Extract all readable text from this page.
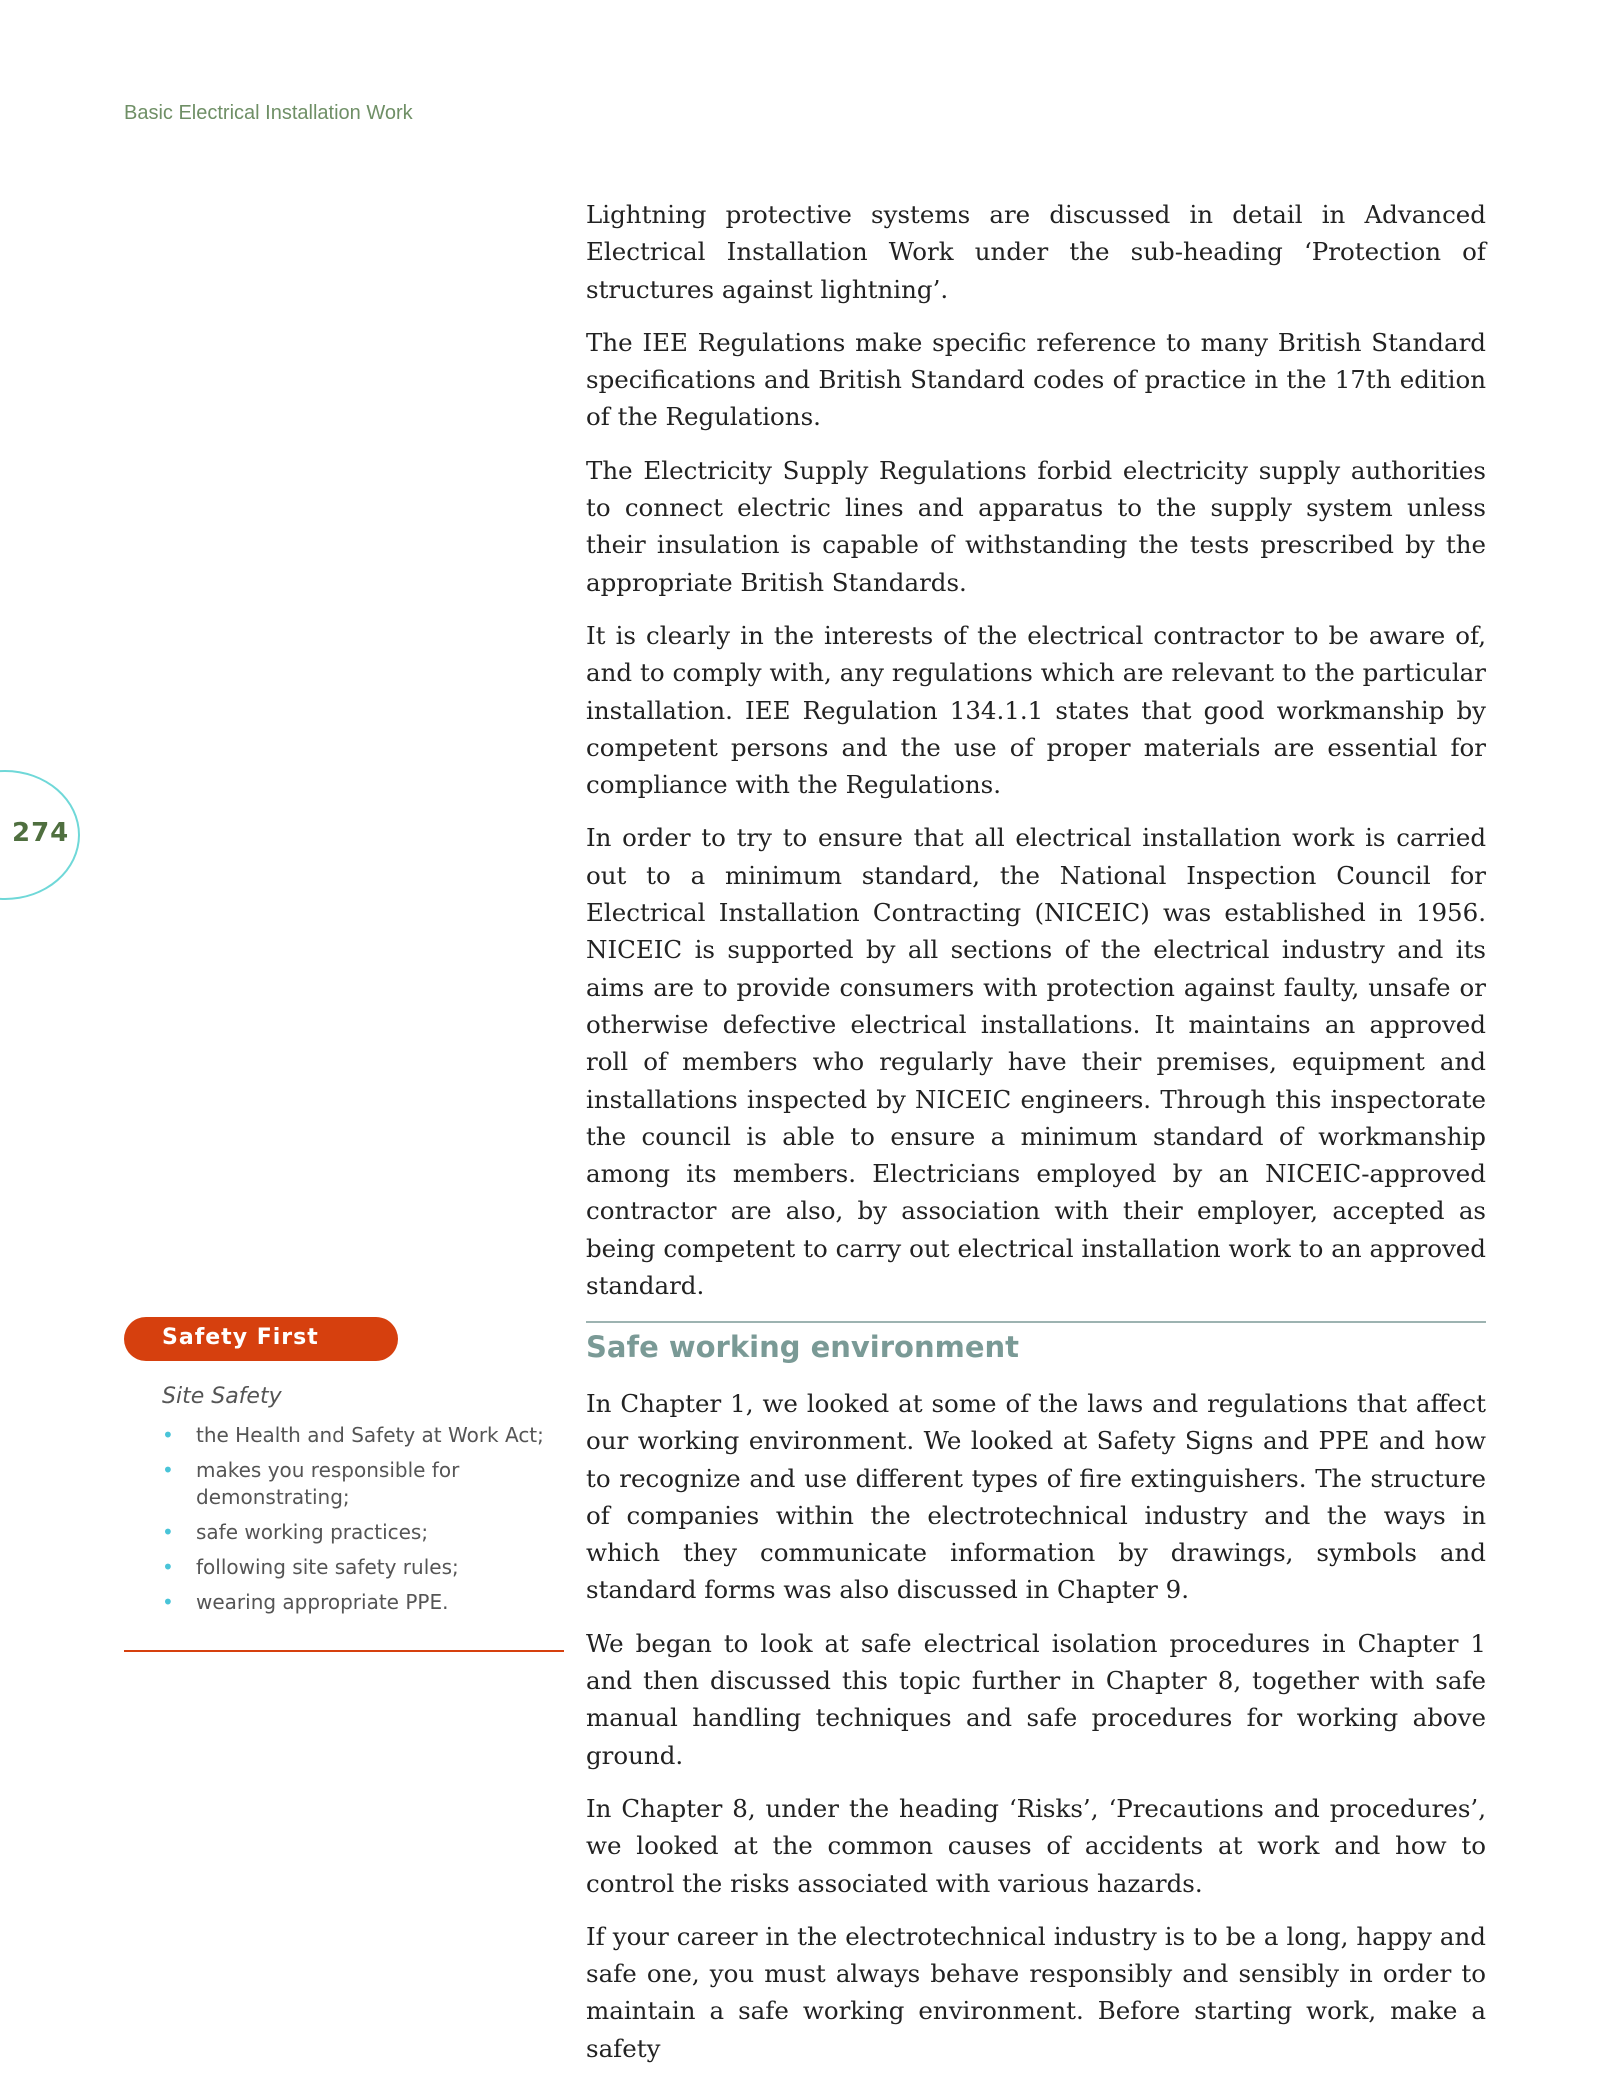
Basic Electrical Installation Work
274

Lightning protective systems are discussed in detail in Advanced Electrical Installation Work under the sub-heading ‘Protection of structures against lightning’.

The IEE Regulations make specific reference to many British Standard specifications and British Standard codes of practice in the 17th edition of the Regulations.

The Electricity Supply Regulations forbid electricity supply authorities to connect electric lines and apparatus to the supply system unless their insulation is capable of withstanding the tests prescribed by the appropriate British Standards.

It is clearly in the interests of the electrical contractor to be aware of, and to comply with, any regulations which are relevant to the particular installation. IEE Regulation 134.1.1 states that good workmanship by competent persons and the use of proper materials are essential for compliance with the Regulations.

In order to try to ensure that all electrical installation work is carried out to a minimum standard, the National Inspection Council for Electrical Installation Contracting (NICEIC) was established in 1956. NICEIC is supported by all sections of the electrical industry and its aims are to provide consumers with protection against faulty, unsafe or otherwise defective electrical installations. It maintains an approved roll of members who regularly have their premises, equipment and installations inspected by NICEIC engineers. Through this inspectorate the council is able to ensure a minimum standard of workmanship among its members. Electricians employed by an NICEIC-approved contractor are also, by association with their employer, accepted as being competent to carry out electrical installation work to an approved standard.

Safe working environment

In Chapter 1, we looked at some of the laws and regulations that affect our working environment. We looked at Safety Signs and PPE and how to recognize and use different types of fire extinguishers. The structure of companies within the electrotechnical industry and the ways in which they communicate information by drawings, symbols and standard forms was also discussed in Chapter 9.

We began to look at safe electrical isolation procedures in Chapter 1 and then discussed this topic further in Chapter 8, together with safe manual handling techniques and safe procedures for working above ground.

In Chapter 8, under the heading ‘Risks’, ‘Precautions and procedures’, we looked at the common causes of accidents at work and how to control the risks associated with various hazards.

If your career in the electrotechnical industry is to be a long, happy and safe one, you must always behave responsibly and sensibly in order to maintain a safe working environment. Before starting work, make a safety

Safety First
Site Safety
• the Health and Safety at Work Act;
• makes you responsible for demonstrating;
• safe working practices;
• following site safety rules;
• wearing appropriate PPE.
